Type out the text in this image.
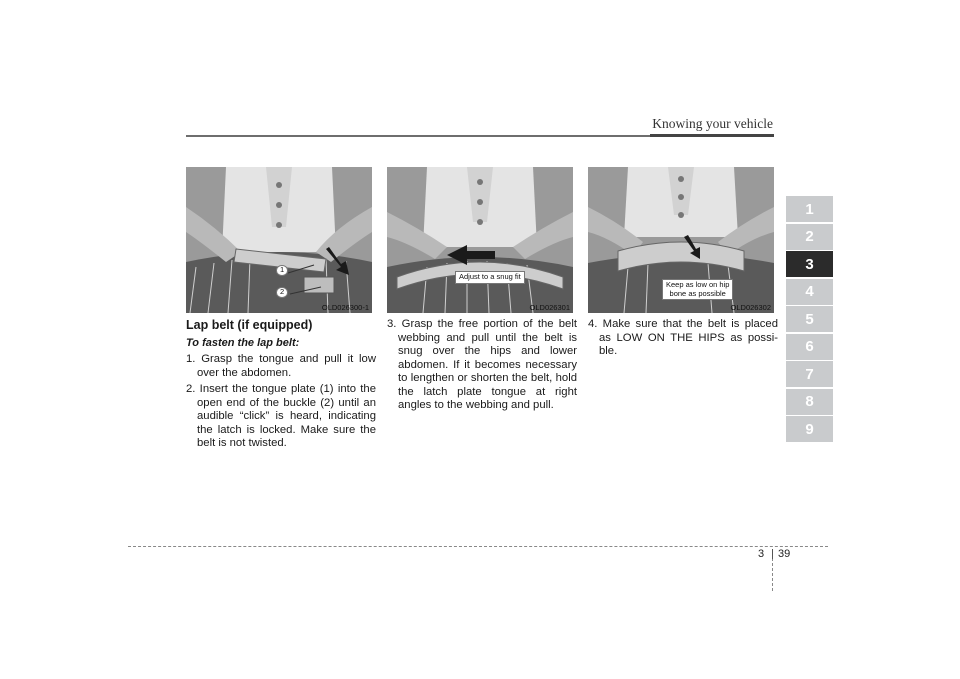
Knowing your vehicle
1
2
OLD026300-1
Adjust to a snug fit
OLD026301
Keep as low on hip
bone as possible
OLD026302

Lap belt (if equipped)

To fasten the lap belt:

1. Grasp the tongue and pull it low over the abdomen.

2. Insert the tongue plate (1) into the open end of the buckle (2) until an audible “click” is heard, indicating the latch is locked. Make sure the belt is not twisted.

3. Grasp the free portion of the belt webbing and pull until the belt is snug over the hips and lower abdomen. If it becomes necessary to lengthen or shorten the belt, hold the latch plate tongue at right angles to the webbing and pull.

4. Make sure that the belt is placed as LOW ON THE HIPS as possi-ble.

1
2
3
4
5
6
7
8
9
3 39
